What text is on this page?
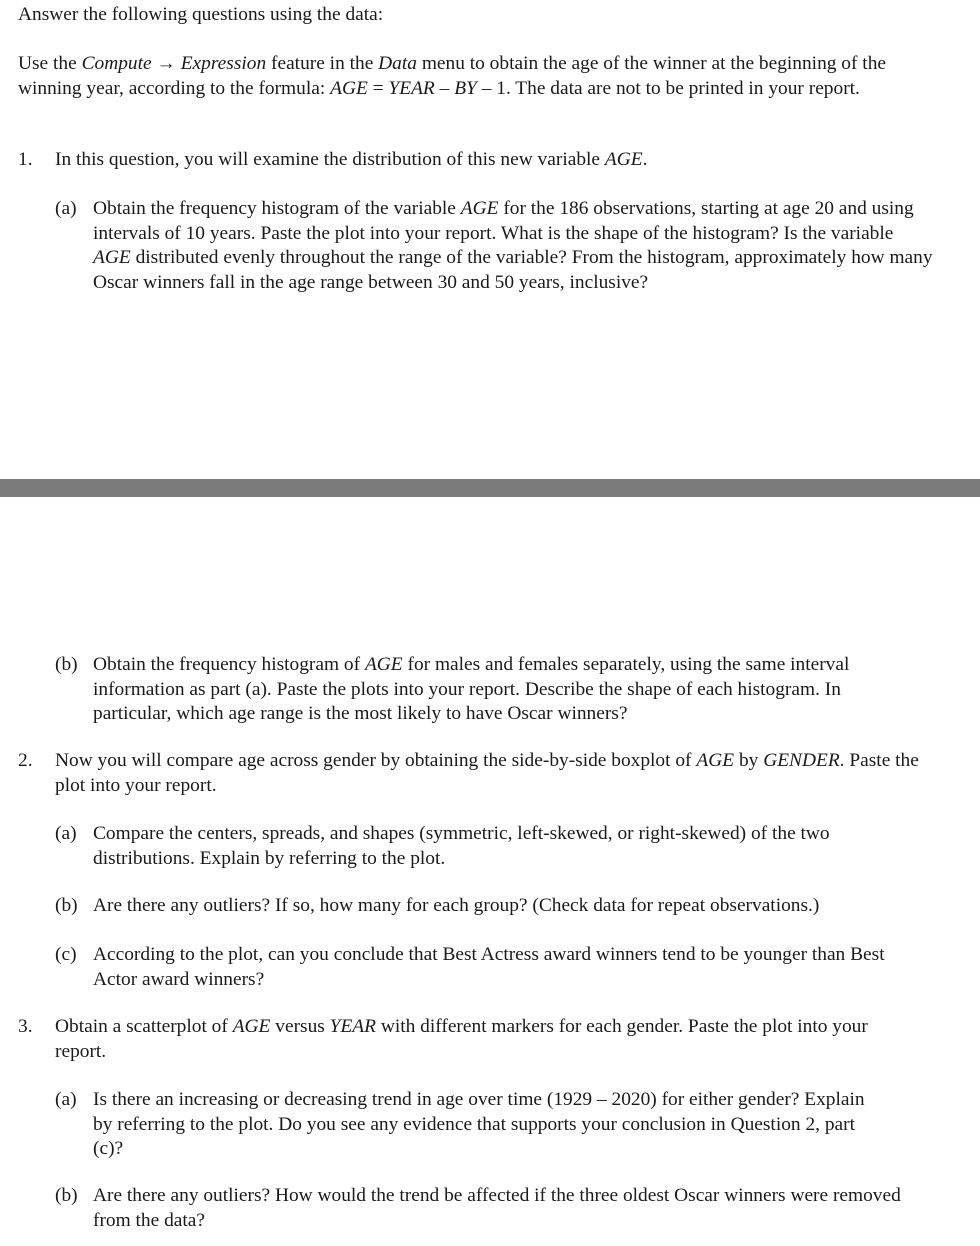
Answer the following questions using the data:

Use the Compute → Expression feature in the Data menu to obtain the age of the winner at the beginning of the winning year, according to the formula: AGE = YEAR – BY – 1. The data are not to be printed in your report.

1. In this question, you will examine the distribution of this new variable AGE.

(a) Obtain the frequency histogram of the variable AGE for the 186 observations, starting at age 20 and using intervals of 10 years. Paste the plot into your report. What is the shape of the histogram? Is the variable AGE distributed evenly throughout the range of the variable? From the histogram, approximately how many Oscar winners fall in the age range between 30 and 50 years, inclusive?

(b) Obtain the frequency histogram of AGE for males and females separately, using the same interval information as part (a). Paste the plots into your report. Describe the shape of each histogram. In particular, which age range is the most likely to have Oscar winners?

2. Now you will compare age across gender by obtaining the side-by-side boxplot of AGE by GENDER. Paste the plot into your report.

(a) Compare the centers, spreads, and shapes (symmetric, left-skewed, or right-skewed) of the two distributions. Explain by referring to the plot.

(b) Are there any outliers? If so, how many for each group? (Check data for repeat observations.)

(c) According to the plot, can you conclude that Best Actress award winners tend to be younger than Best Actor award winners?

3. Obtain a scatterplot of AGE versus YEAR with different markers for each gender. Paste the plot into your report.

(a) Is there an increasing or decreasing trend in age over time (1929 – 2020) for either gender? Explain by referring to the plot. Do you see any evidence that supports your conclusion in Question 2, part (c)?

(b) Are there any outliers? How would the trend be affected if the three oldest Oscar winners were removed from the data?
